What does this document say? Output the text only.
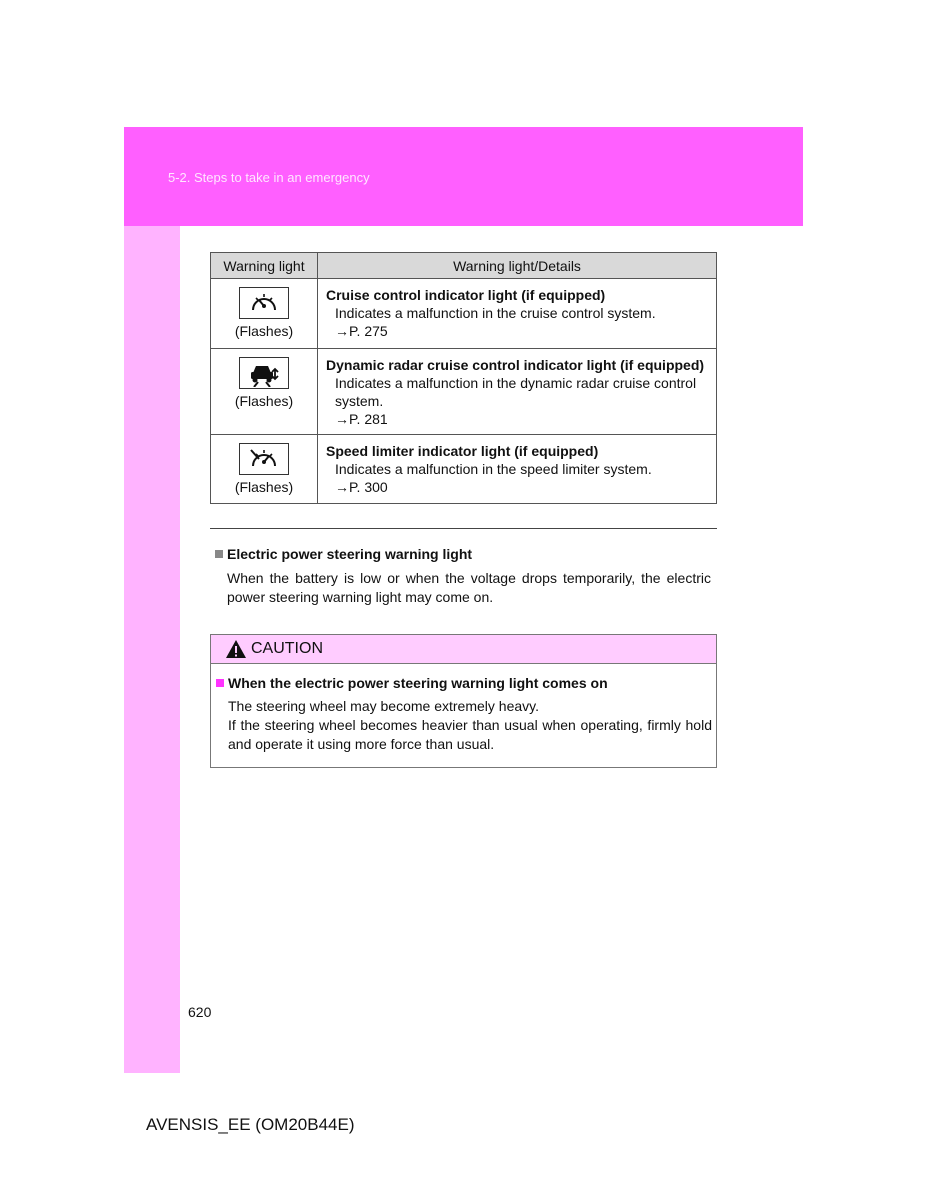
5-2. Steps to take in an emergency
Warning light	Warning light/Details

(Flashes)	Cruise control indicator light (if equipped)
Indicates a malfunction in the cruise control system.
→P. 275

(Flashes)	Dynamic radar cruise control indicator light (if equipped)
Indicates a malfunction in the dynamic radar cruise control system.
→P. 281

(Flashes)	Speed limiter indicator light (if equipped)
Indicates a malfunction in the speed limiter system.
→P. 300
Electric power steering warning light
When the battery is low or when the voltage drops temporarily, the electric power steering warning light may come on.
CAUTION
When the electric power steering warning light comes on
The steering wheel may become extremely heavy.
If the steering wheel becomes heavier than usual when operating, firmly hold and operate it using more force than usual.
620
AVENSIS_EE (OM20B44E)
